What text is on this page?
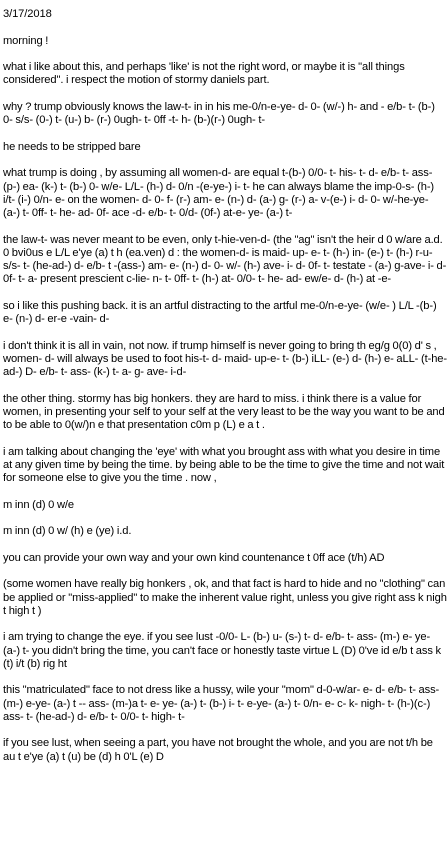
3/17/2018
morning !
what i like about this, and perhaps 'like' is not the right word, or maybe it is "all things considered". i respect the motion of stormy daniels part.
why ? trump obviously knows the law-t- in in his me-0/n-e-ye- d- 0- (w/-) h- and - e/b- t- (b-) 0- s/s- (0-) t- (u-) b- (r-) 0ugh- t- 0ff -t- h- (b-)(r-) 0ugh- t-
he needs to be stripped bare
what trump is doing , by assuming all women-d- are equal t-(b-) 0/0- t- his- t- d- e/b- t- ass- (p-) ea- (k-) t- (b-) 0- w/e- L/L- (h-) d- 0/n -(e-ye-) i- t- he can always blame the imp-0-s- (h-) i/t- (i-) 0/n- e- on the women- d- 0- f- (r-) am- e- (n-) d- (a-) g- (r-) a- v-(e-) i- d- 0- w/-he-ye- (a-) t- 0ff- t- he- ad- 0f- ace -d- e/b- t- 0/d- (0f-) at-e- ye- (a-) t-
the law-t- was never meant to be even, only t-hie-ven-d- (the "ag" isn't the heir d 0 w/are a.d. 0 bvi0us e L/L e'ye (a) t h (ea.ven) d : the women-d- is maid- up- e- t- (h-) in- (e-) t- (h-) r-u-s/s- t- (he-ad-) d- e/b- t -(ass-) am- e- (n-) d- 0- w/- (h-) ave- i- d- 0f- t- testate - (a-) g-ave- i- d- 0f- t- a- present prescient c-lie- n- t- 0ff- t- (h-) at- 0/0- t- he- ad- ew/e- d- (h-) at -e-
so i like this pushing back. it is an artful distracting to the artful me-0/n-e-ye- (w/e- ) L/L -(b-) e- (n-) d- er-e -vain- d-
i don't think it is all in vain, not now. if trump himself is never going to bring th eg/g 0(0) d' s , women- d- will always be used to foot his-t- d- maid- up-e- t- (b-) iLL- (e-) d- (h-) e- aLL- (t-he-ad-) D- e/b- t- ass- (k-) t- a- g- ave- i-d-
the other thing. stormy has big honkers. they are hard to miss. i think there is a value for women, in presenting your self to your self at the very least to be the way you want to be and to be able to 0(w/)n e that presentation c0m p (L) e a t .
i am talking about changing the 'eye' with what you brought ass with what you desire in time at any given time by being the time. by being able to be the time to give the time and not wait for someone else to give you the time . now ,
m inn (d) 0 w/e
m inn (d) 0 w/ (h) e (ye) i.d.
you can provide your own way and your own kind countenance t 0ff ace (t/h) AD
(some women have really big honkers , ok, and that fact is hard to hide and no "clothing" can be applied or "miss-applied" to make the inherent value right, unless you give right ass k nigh t high t )
i am trying to change the eye. if you see lust -0/0- L- (b-) u- (s-) t- d- e/b- t- ass- (m-) e- ye- (a-) t- you didn't bring the time, you can't face or honestly taste virtue L (D) 0've id e/b t ass k (t) i/t (b) rig ht
this "matriculated" face to not dress like a hussy, wile your "mom" d-0-w/ar- e- d- e/b- t- ass- (m-) e-ye- (a-) t -- ass- (m-)a t- e- ye- (a-) t- (b-) i- t- e-ye- (a-) t- 0/n- e- c- k- nigh- t- (h-)(c-) ass- t- (he-ad-) d- e/b- t- 0/0- t- high- t-
if you see lust, when seeing a part, you have not brought the whole, and you are not t/h be au t e'ye (a) t (u) be (d) h 0'L (e) D
